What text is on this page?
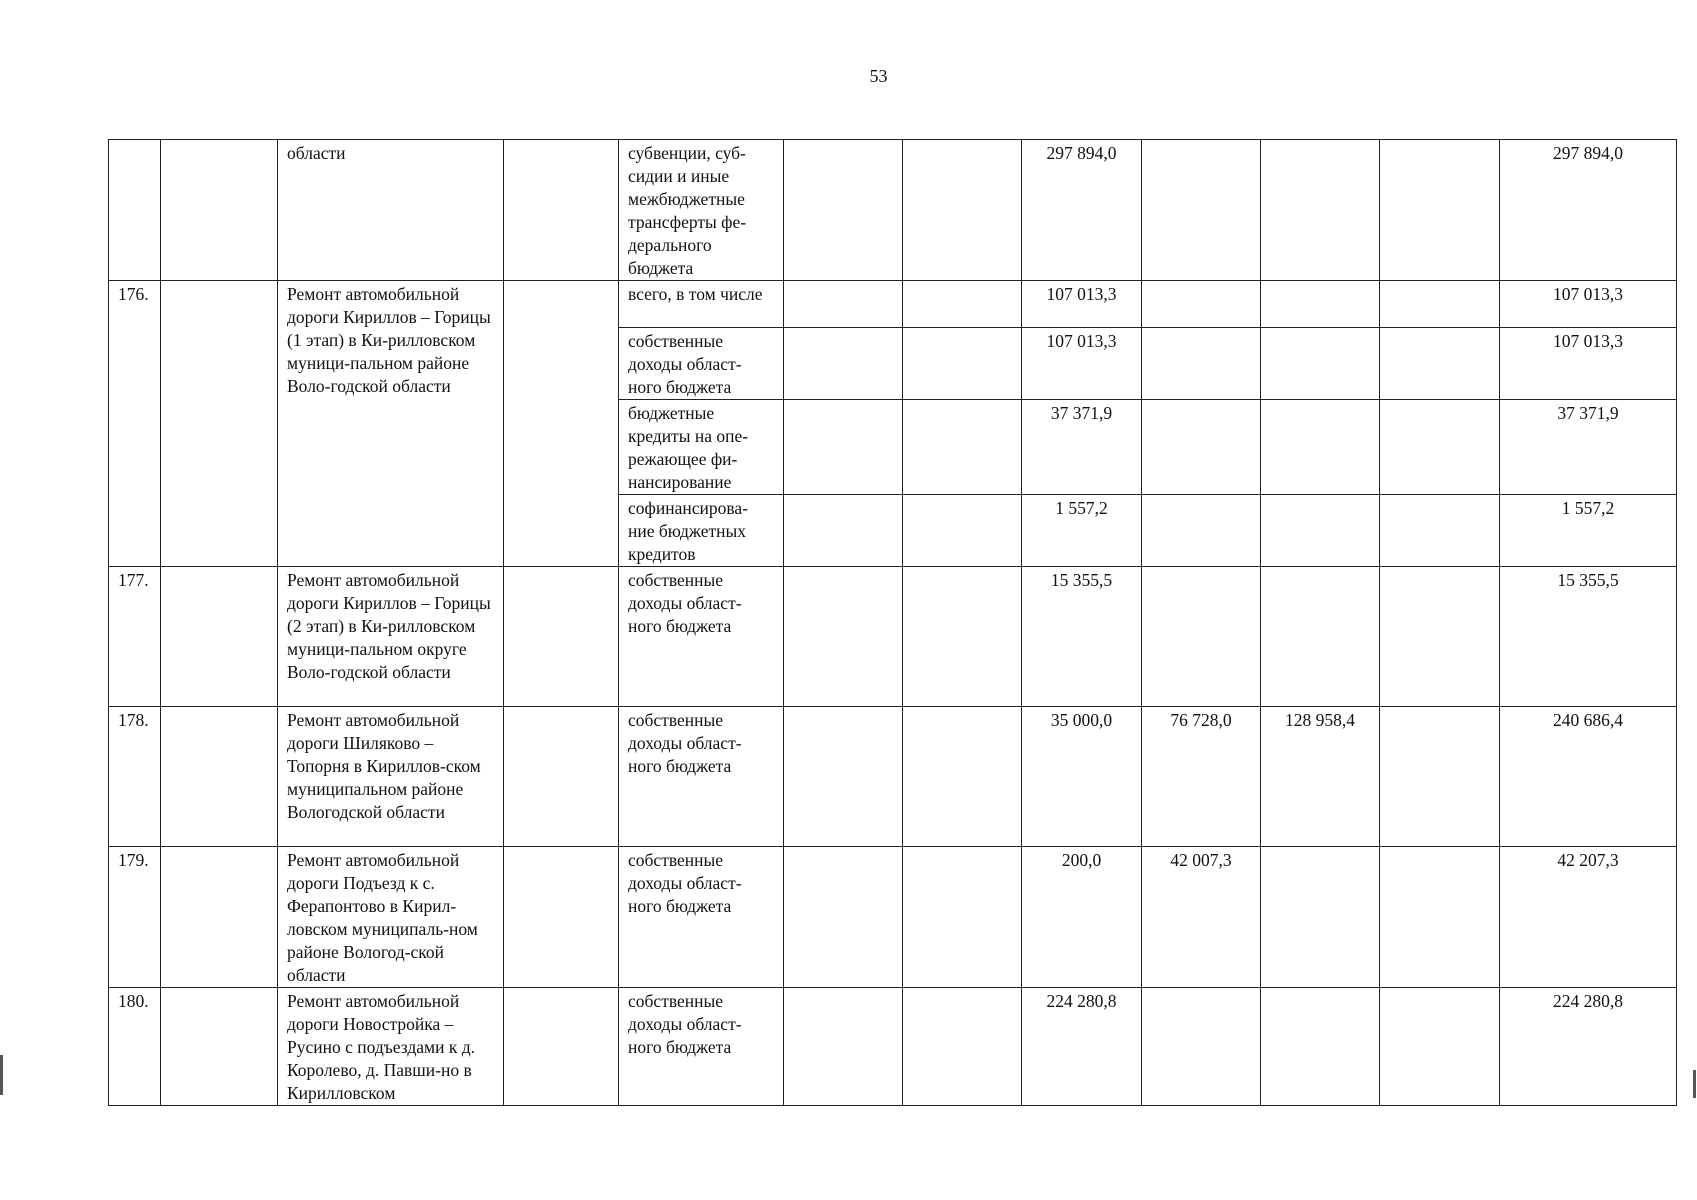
53
		области		субвенции, суб-сидии и иные межбюджетные трансферты фе-дерального бюджета			297 894,0				297 894,0
176.		Ремонт автомобильной дороги Кириллов – Горицы (1 этап) в Ки-рилловском муници-пальном районе Воло-годской области		всего, в том числе			107 013,3				107 013,3
				собственные доходы област-ного бюджета			107 013,3				107 013,3
				бюджетные кредиты на опе-режающее фи-нансирование			37 371,9				37 371,9
				софинансирова-ние бюджетных кредитов			1 557,2				1 557,2
177.		Ремонт автомобильной дороги Кириллов – Горицы (2 этап) в Ки-рилловском муници-пальном округе Воло-годской области		собственные доходы област-ного бюджета			15 355,5				15 355,5
178.		Ремонт автомобильной дороги Шиляково – Топорня в Кириллов-ском муниципальном районе Вологодской области		собственные доходы област-ного бюджета			35 000,0	76 728,0	128 958,4		240 686,4
179.		Ремонт автомобильной дороги Подъезд к с. Ферапонтово в Кирил-ловском муниципаль-ном районе Вологод-ской области		собственные доходы област-ного бюджета			200,0	42 007,3			42 207,3
180.		Ремонт автомобильной дороги Новостройка – Русино с подъездами к д. Королево, д. Павши-но в Кирилловском		собственные доходы област-ного бюджета			224 280,8				224 280,8
